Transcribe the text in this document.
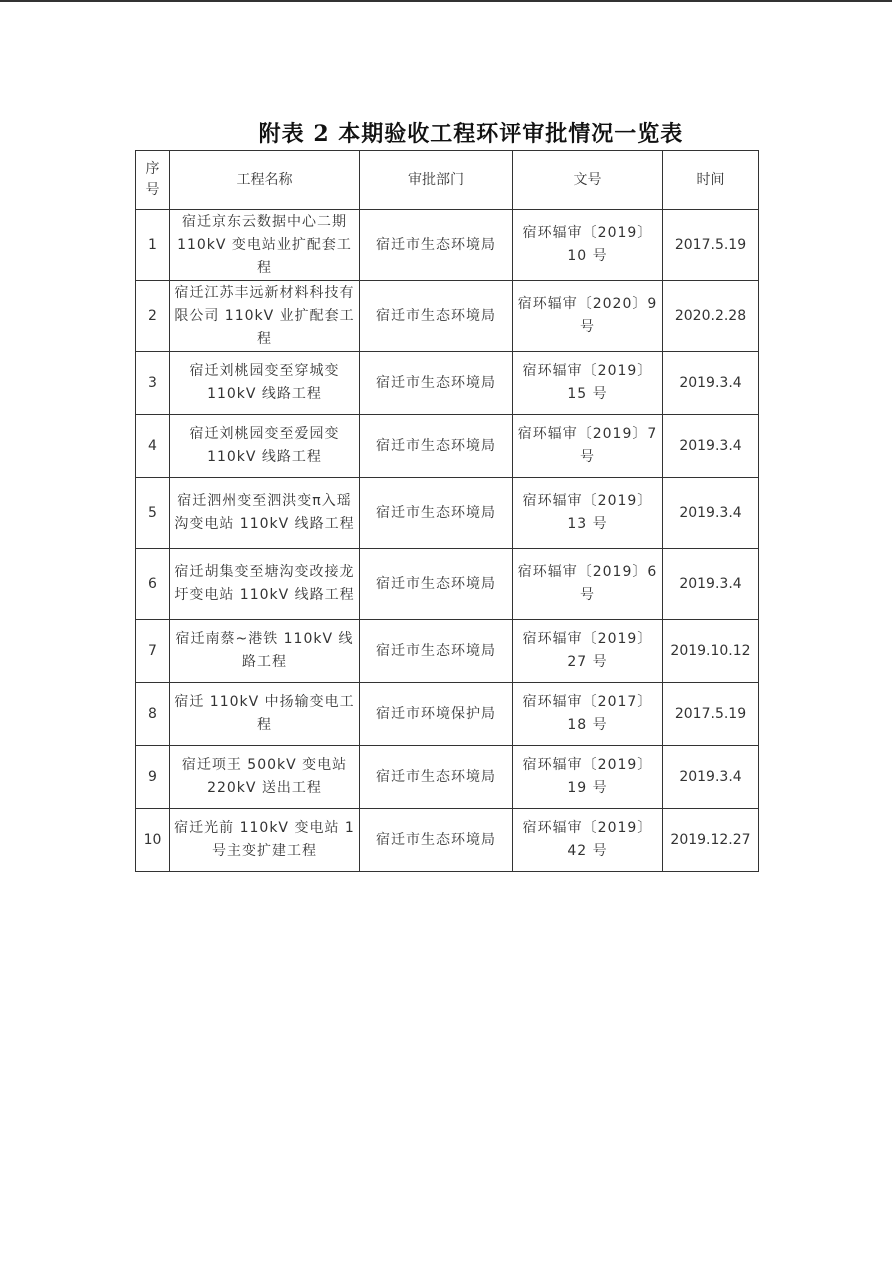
附表 2 本期验收工程环评审批情况一览表
序号	工程名称	审批部门	文号	时间
1	宿迁京东云数据中心二期 110kV 变电站业扩配套工程	宿迁市生态环境局	宿环辐审〔2019〕10 号	2017.5.19
2	宿迁江苏丰远新材料科技有限公司 110kV 业扩配套工程	宿迁市生态环境局	宿环辐审〔2020〕9 号	2020.2.28
3	宿迁刘桃园变至穿城变 110kV 线路工程	宿迁市生态环境局	宿环辐审〔2019〕15 号	2019.3.4
4	宿迁刘桃园变至爱园变 110kV 线路工程	宿迁市生态环境局	宿环辐审〔2019〕7 号	2019.3.4
5	宿迁泗州变至泗洪变π入瑶沟变电站 110kV 线路工程	宿迁市生态环境局	宿环辐审〔2019〕13 号	2019.3.4
6	宿迁胡集变至塘沟变改接龙圩变电站 110kV 线路工程	宿迁市生态环境局	宿环辐审〔2019〕6 号	2019.3.4
7	宿迁南蔡~港铁 110kV 线路工程	宿迁市生态环境局	宿环辐审〔2019〕27 号	2019.10.12
8	宿迁 110kV 中扬输变电工程	宿迁市环境保护局	宿环辐审〔2017〕18 号	2017.5.19
9	宿迁项王 500kV 变电站 220kV 送出工程	宿迁市生态环境局	宿环辐审〔2019〕19 号	2019.3.4
10	宿迁光前 110kV 变电站 1 号主变扩建工程	宿迁市生态环境局	宿环辐审〔2019〕42 号	2019.12.27
